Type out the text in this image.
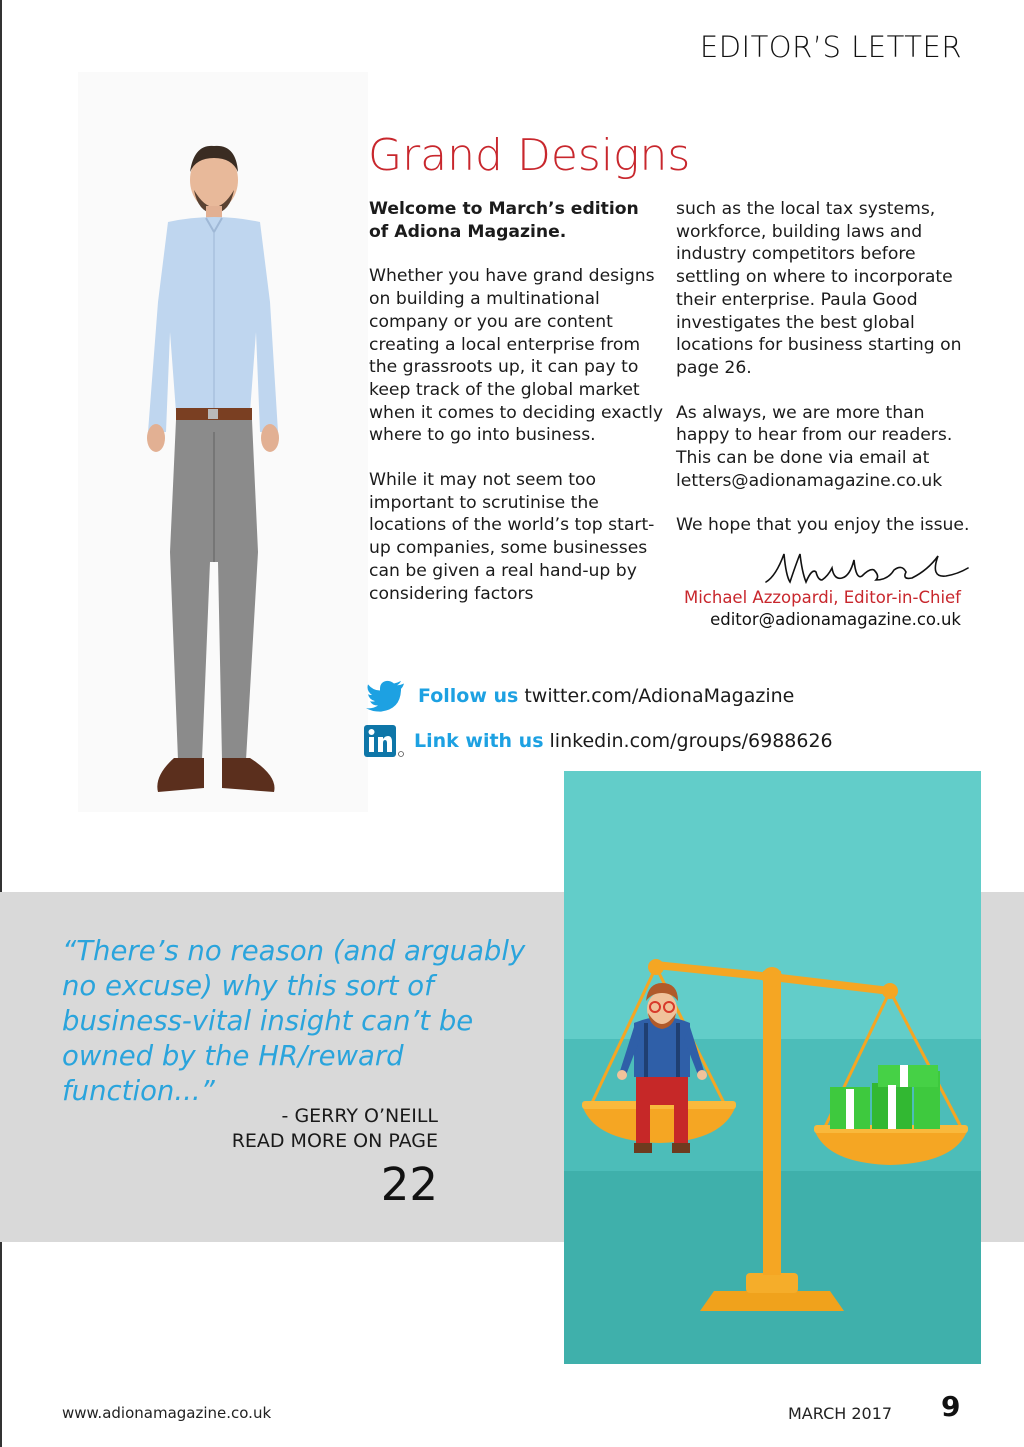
EDITOR’S LETTER
Grand Designs

Welcome to March’s edition of Adiona Magazine.

Whether you have grand designs on building a multinational company or you are content creating a local enterprise from the grassroots up, it can pay to keep track of the global market when it comes to deciding exactly where to go into business.

While it may not seem too important to scrutinise the locations of the world’s top start-up companies, some businesses can be given a real hand-up by considering factors

such as the local tax systems, workforce, building laws and industry competitors before settling on where to incorporate their enterprise. Paula Good investigates the best global locations for business starting on page 26.

As always, we are more than happy to hear from our readers. This can be done via email at letters@adionamagazine.co.uk

We hope that you enjoy the issue.

Michael Azzopardi, Editor-in-Chief
editor@adionamagazine.co.uk
Follow us twitter.com/AdionaMagazine
Link with us linkedin.com/groups/6988626
“There’s no reason (and arguably no excuse) why this sort of business-vital insight can’t be owned by the HR/reward function...”
- GERRY O’NEILL
READ MORE ON PAGE
22
www.adionamagazine.co.uk	MARCH 2017 9
